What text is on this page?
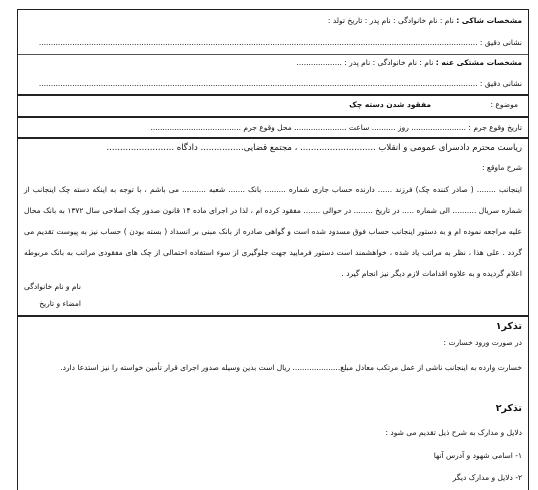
مشخصات شاکی : نام : نام خانوادگی : نام پدر : تاریخ تولد :
نشانی دقیق : ........................................................................................................................................................................................
مشخصات مشتکی عنه : نام : نام خانوادگی : نام پدر : ...................
نشانی دقیق : ........................................................................................................................................................................................
موضوع :
مفقود شدن دسته چک
تاریخ وقوع جرم : ....................... روز .......... ساعت ...................... محل وقوع جرم ......................................
ریاست محترم دادسرای عمومی و انقلاب ............................ ، مجتمع قضایی................ دادگاه .........................
شرح ماوقع :
اینجانب ........ ( صادر کننده چک) فرزند ...... دارنده حساب جاری شماره ......... بانک ....... شعبه .......... می باشم ، با توجه به اینکه دسته چک اینجانب از شماره سریال .......... الی شماره ..... در تاریخ ........ در حوالی ....... مفقود کرده ام ، لذا در اجرای ماده ۱۴ قانون صدور چک اصلاحی سال ۱۳۷۲ به بانک محال علیه مراجعه نموده ام و به دستور اینجانب حساب فوق مسدود شده است و گواهی صادره از بانک مبنی بر انسداد ( بسته بودن ) حساب نیز به پیوست تقدیم می گردد . علی هذا ، نظر به مراتب یاد شده ، خواهشمند است دستور فرمایید جهت جلوگیری از سوء استفاده احتمالی از چک های مفقودی مراتب به بانک مربوطه اعلام گردیده و به علاوه اقدامات لازم دیگر نیز انجام گیرد .
نام و نام خانوادگی
امضاء و تاریخ
تذکر۱
در صورت ورود خسارت :
خسارت وارده به اینجانب ناشی از عمل مرتکب معادل مبلغ.................... ریال است بدین وسیله صدور اجرای قرار تأمین خواسته را نیز استدعا دارد.
تذکر۲
دلایل و مدارک به شرح ذیل تقدیم می شود :
۱- اسامی شهود و آدرس آنها
۲- دلایل و مدارک دیگر
